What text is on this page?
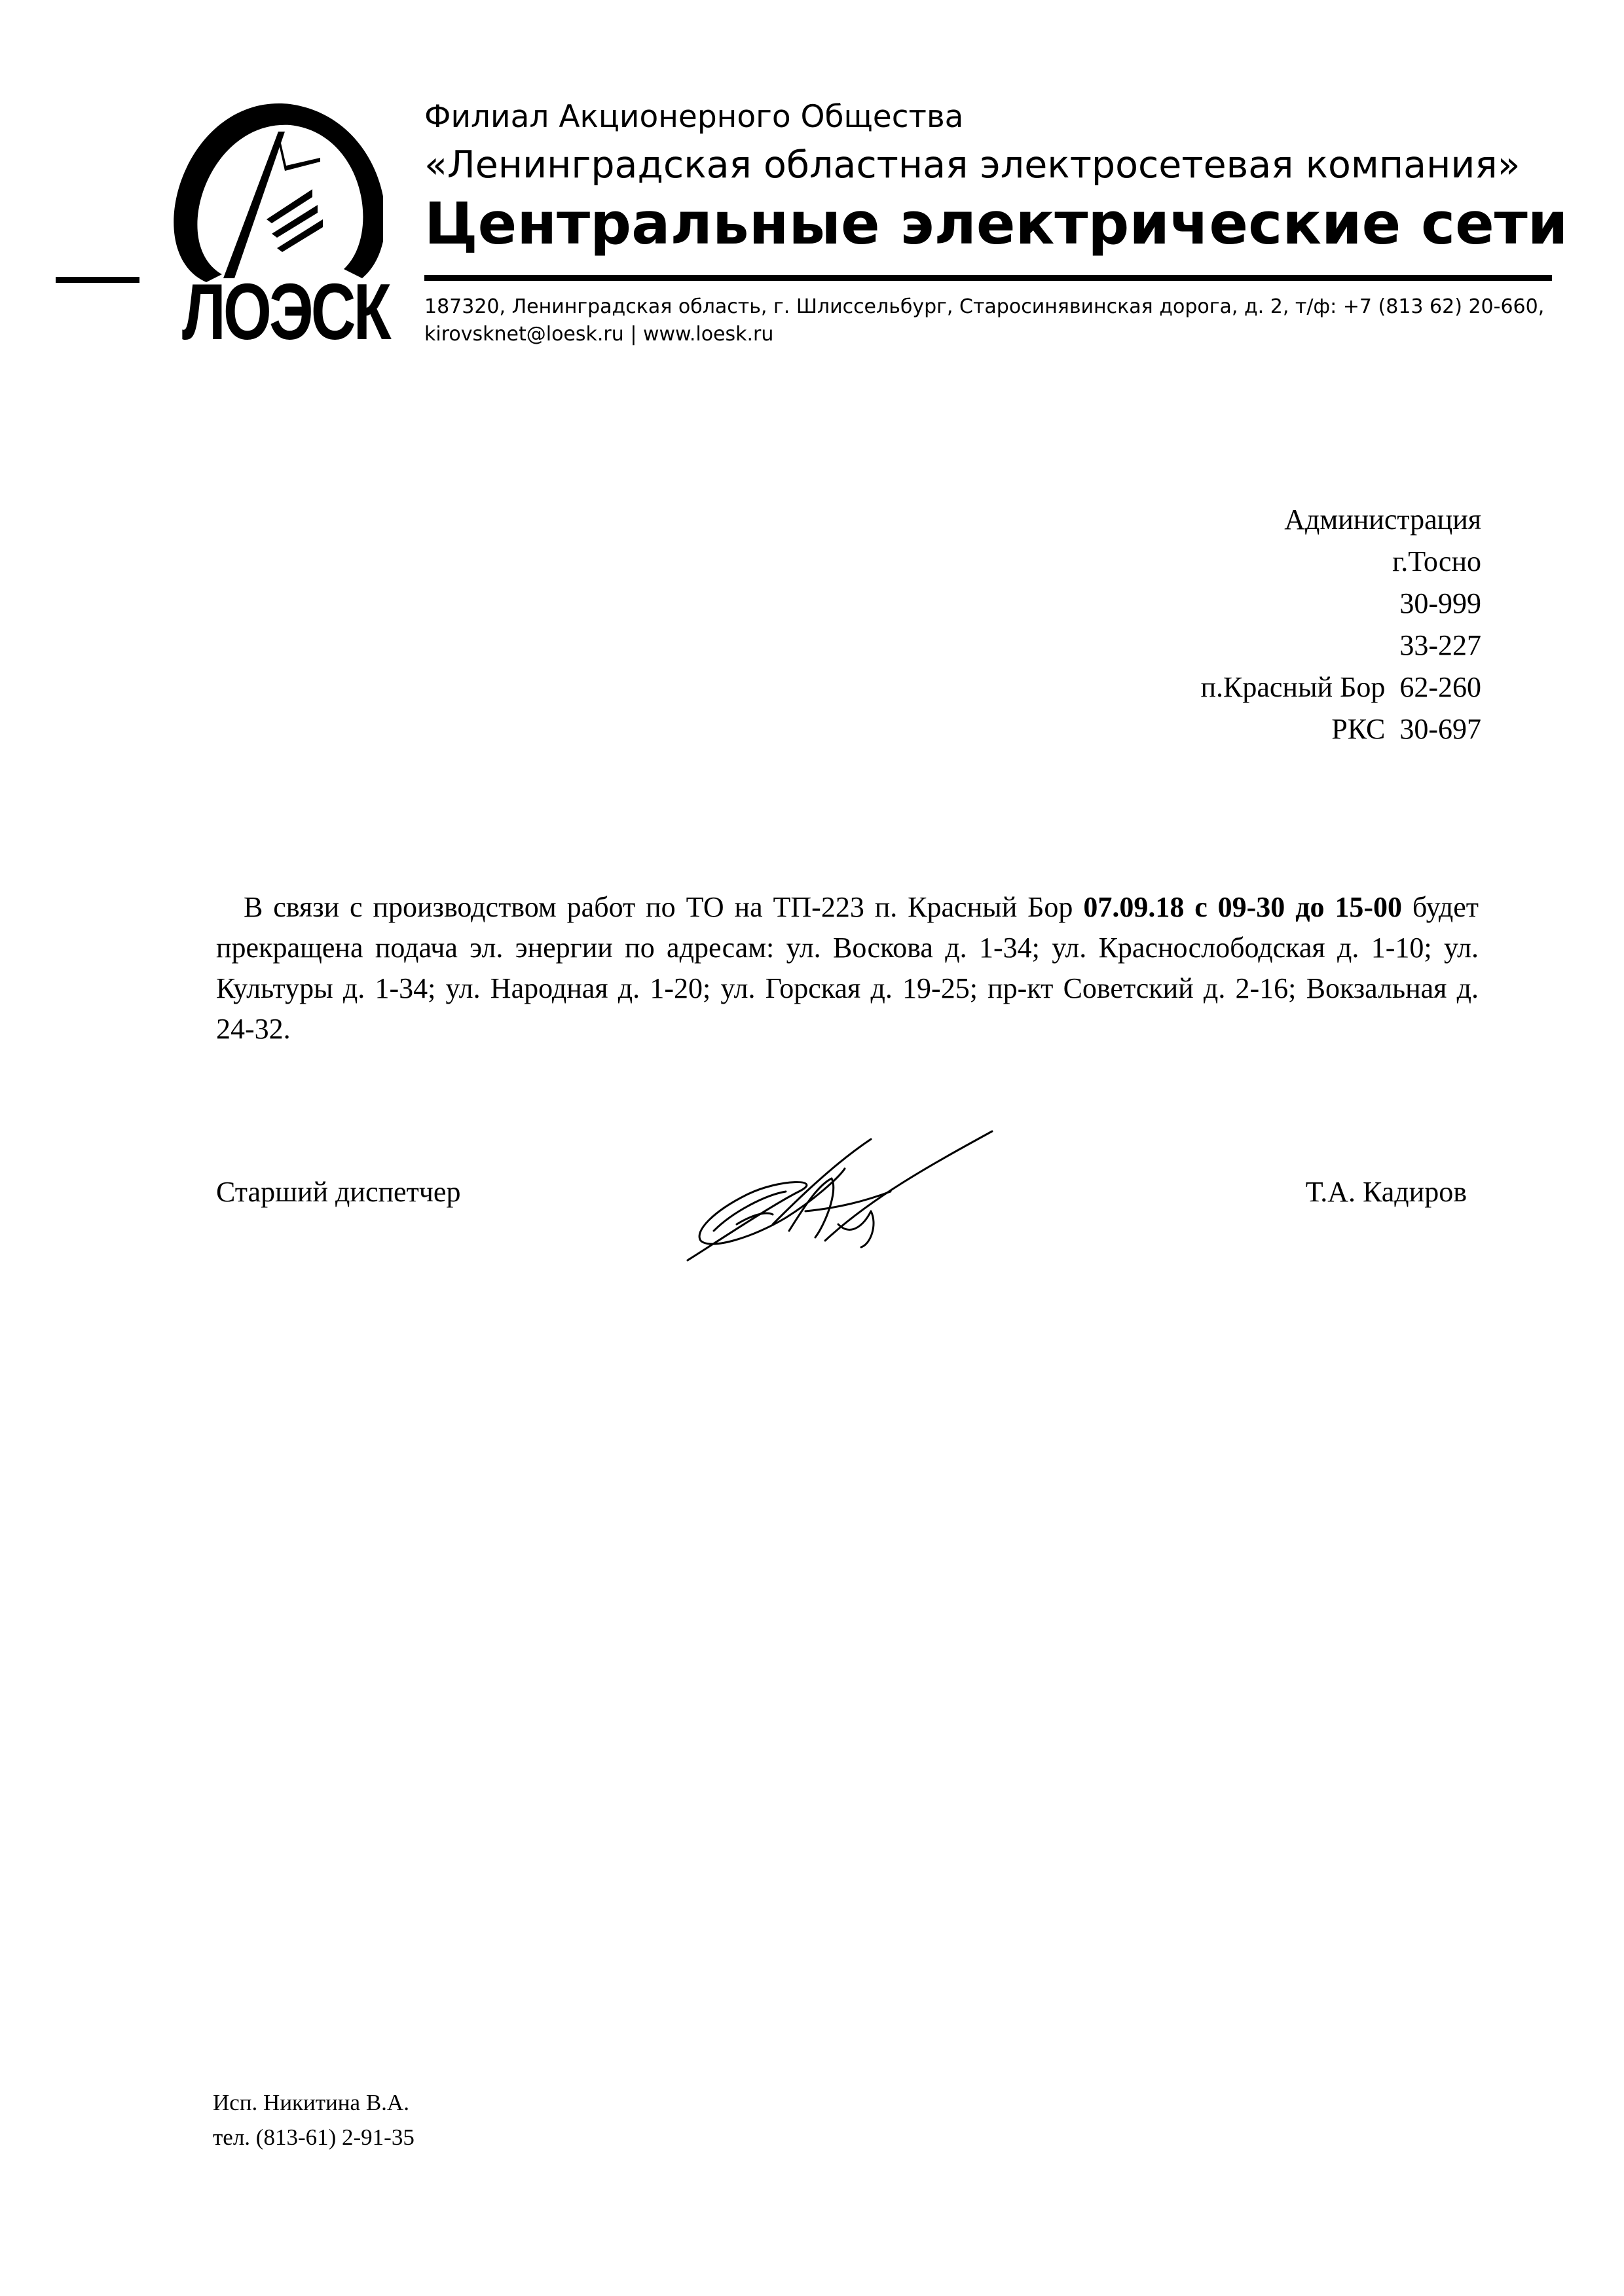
ЛОЭСК
Филиал Акционерного Общества
«Ленинградская областная электросетевая компания»
Центральные электрические сети
187320, Ленинградская область, г. Шлиссельбург, Старосинявинская дорога, д. 2, т/ф: +7 (813 62) 20-660,
kirovsknet@loesk.ru | www.loesk.ru
Администрация
г.Тосно
30-999
33-227
п.Красный Бор  62-260
РКС  30-697
В связи с производством работ по ТО на ТП-223 п. Красный Бор 07.09.18 с 09-30 до 15-00 будет прекращена подача эл. энергии по адресам: ул. Воскова д. 1-34; ул. Краснослободская д. 1-10; ул. Культуры д. 1-34; ул. Народная д. 1-20; ул. Горская д. 19-25; пр-кт Советский д. 2-16; Вокзальная д. 24-32.
Старший диспетчер	Т.А. Кадиров
Исп. Никитина В.А.
тел. (813-61) 2-91-35
